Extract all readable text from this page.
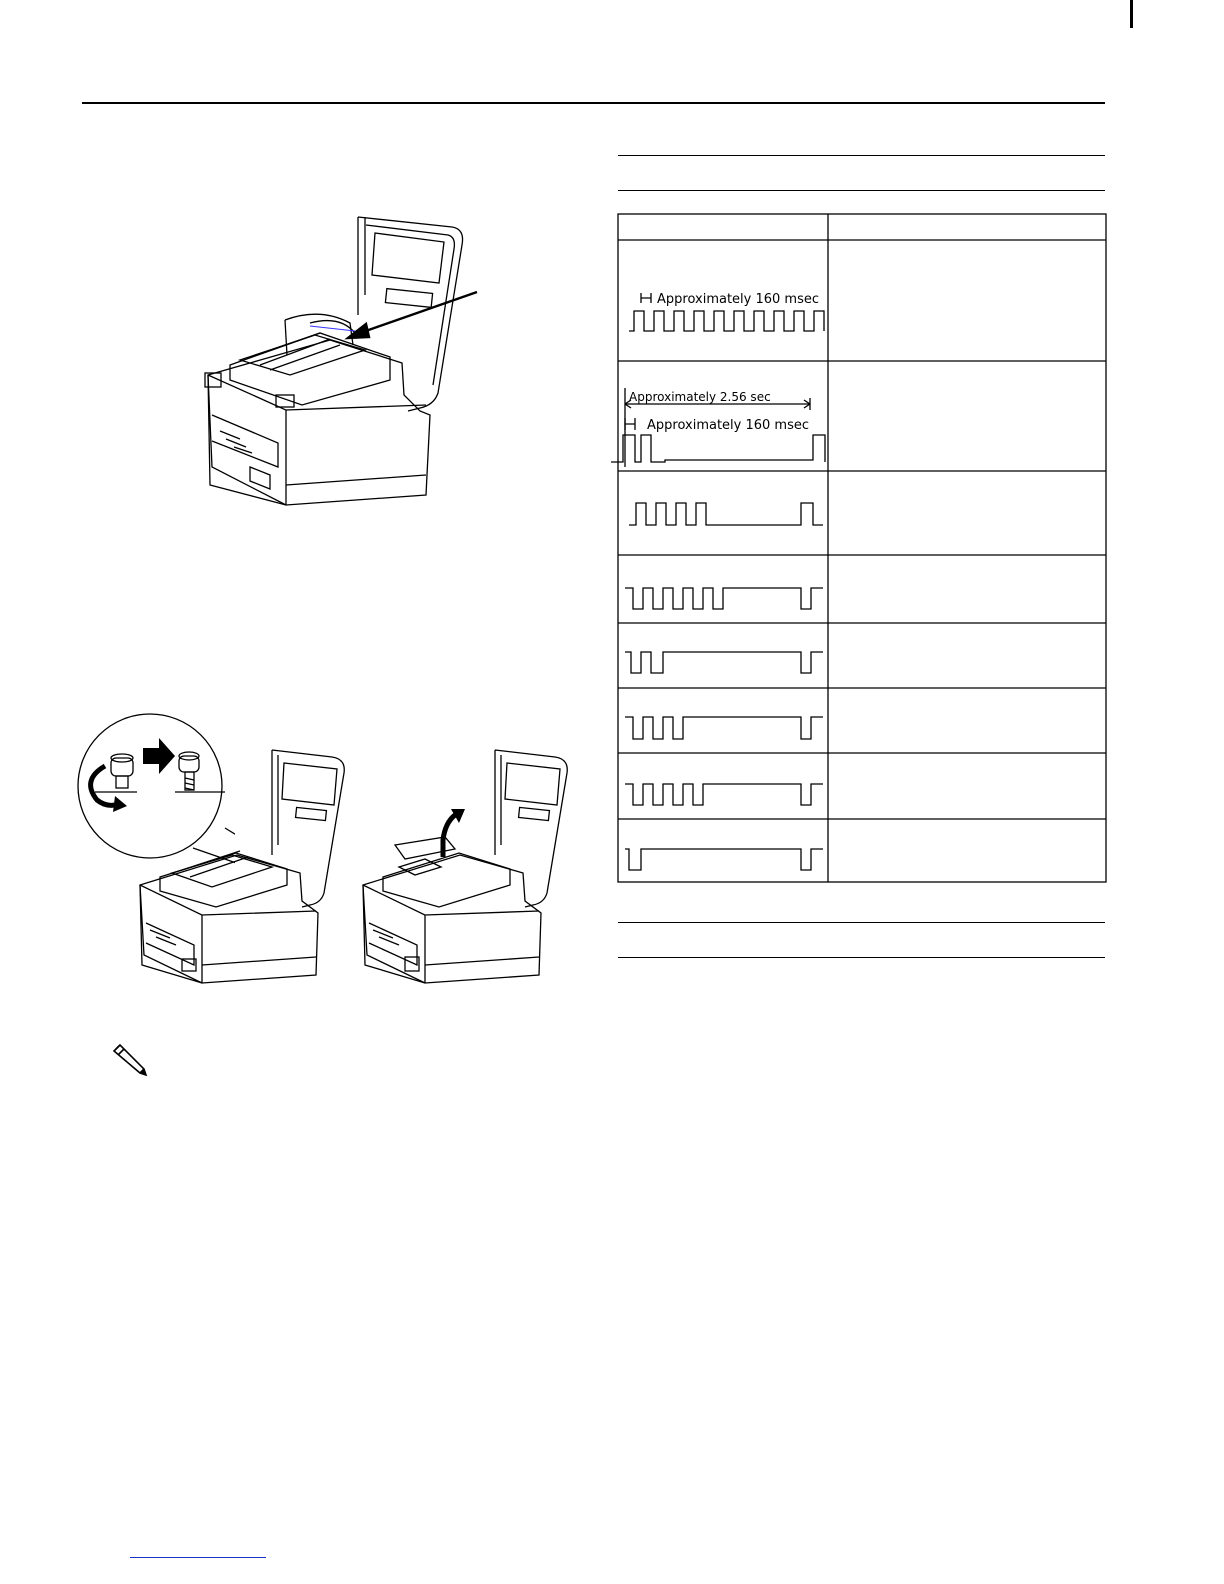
Approximately 160 msec
Approximately 2.56 sec
Approximately 160 msec
